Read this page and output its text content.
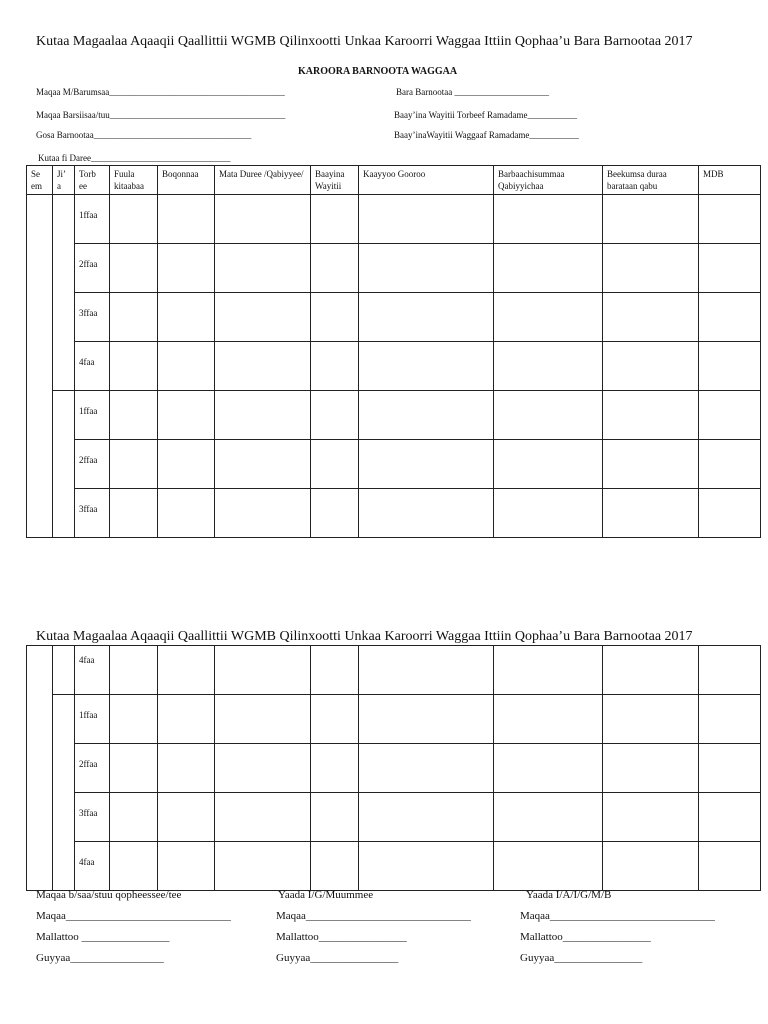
Kutaa Magaalaa Aqaaqii Qaallittii WGMB Qilinxootti Unkaa Karoorri Waggaa Ittiin Qophaa’u Bara Barnootaa 2017
KAROORA BARNOOTA WAGGAA
Maqaa M/Barumsaa_______________________________________	Bara Barnootaa _____________________
Maqaa Barsiisaa/tuu_______________________________________	Baay’ina Wayitii Torbeef Ramadame___________
Gosa Barnootaa___________________________________	Baay’inaWayitii Waggaaf Ramadame___________
Kutaa fi Daree_______________________________
Se em	Ji’ a	Torb ee	Fuula kitaabaa	Boqonnaa	Mata Duree /Qabiyyee/	Baayina Wayitii	Kaayyoo Gooroo	Barbaachisummaa Qabiyyichaa	Beekumsa duraa barataan qabu	MDB
		1ffaa								
		2ffaa								
		3ffaa								
		4faa								
		1ffaa								
		2ffaa								
		3ffaa								
Kutaa Magaalaa Aqaaqii Qaallittii WGMB Qilinxootti Unkaa Karoorri Waggaa Ittiin Qophaa’u Bara Barnootaa 2017
		4faa								
		1ffaa								
		2ffaa								
		3ffaa								
		4faa								
Maqaa b/saa/stuu qopheessee/tee
Maqaa______________________________
Mallattoo ________________
Guyyaa_________________
Yaada I/G/Muummee
Maqaa______________________________
Mallattoo________________
Guyyaa________________
Yaada I/A/I/G/M/B
Maqaa______________________________
Mallattoo________________
Guyyaa________________
